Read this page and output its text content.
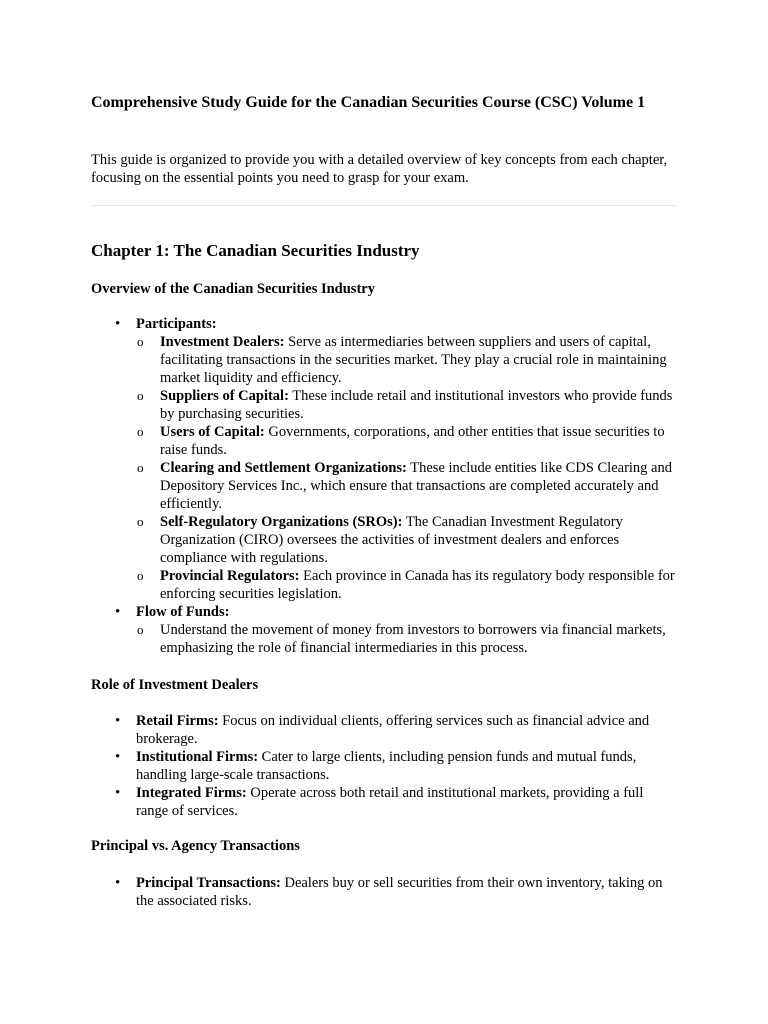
Comprehensive Study Guide for the Canadian Securities Course (CSC) Volume 1

This guide is organized to provide you with a detailed overview of key concepts from each chapter, focusing on the essential points you need to grasp for your exam.

Chapter 1: The Canadian Securities Industry
Overview of the Canadian Securities Industry
• Participants:
o Investment Dealers: Serve as intermediaries between suppliers and users of capital, facilitating transactions in the securities market. They play a crucial role in maintaining market liquidity and efficiency.
o Suppliers of Capital: These include retail and institutional investors who provide funds by purchasing securities.
o Users of Capital: Governments, corporations, and other entities that issue securities to raise funds.
o Clearing and Settlement Organizations: These include entities like CDS Clearing and Depository Services Inc., which ensure that transactions are completed accurately and efficiently.
o Self-Regulatory Organizations (SROs): The Canadian Investment Regulatory Organization (CIRO) oversees the activities of investment dealers and enforces compliance with regulations.
o Provincial Regulators: Each province in Canada has its regulatory body responsible for enforcing securities legislation.
• Flow of Funds:
o Understand the movement of money from investors to borrowers via financial markets, emphasizing the role of financial intermediaries in this process.
Role of Investment Dealers
• Retail Firms: Focus on individual clients, offering services such as financial advice and brokerage.
• Institutional Firms: Cater to large clients, including pension funds and mutual funds, handling large-scale transactions.
• Integrated Firms: Operate across both retail and institutional markets, providing a full range of services.
Principal vs. Agency Transactions
• Principal Transactions: Dealers buy or sell securities from their own inventory, taking on the associated risks.
